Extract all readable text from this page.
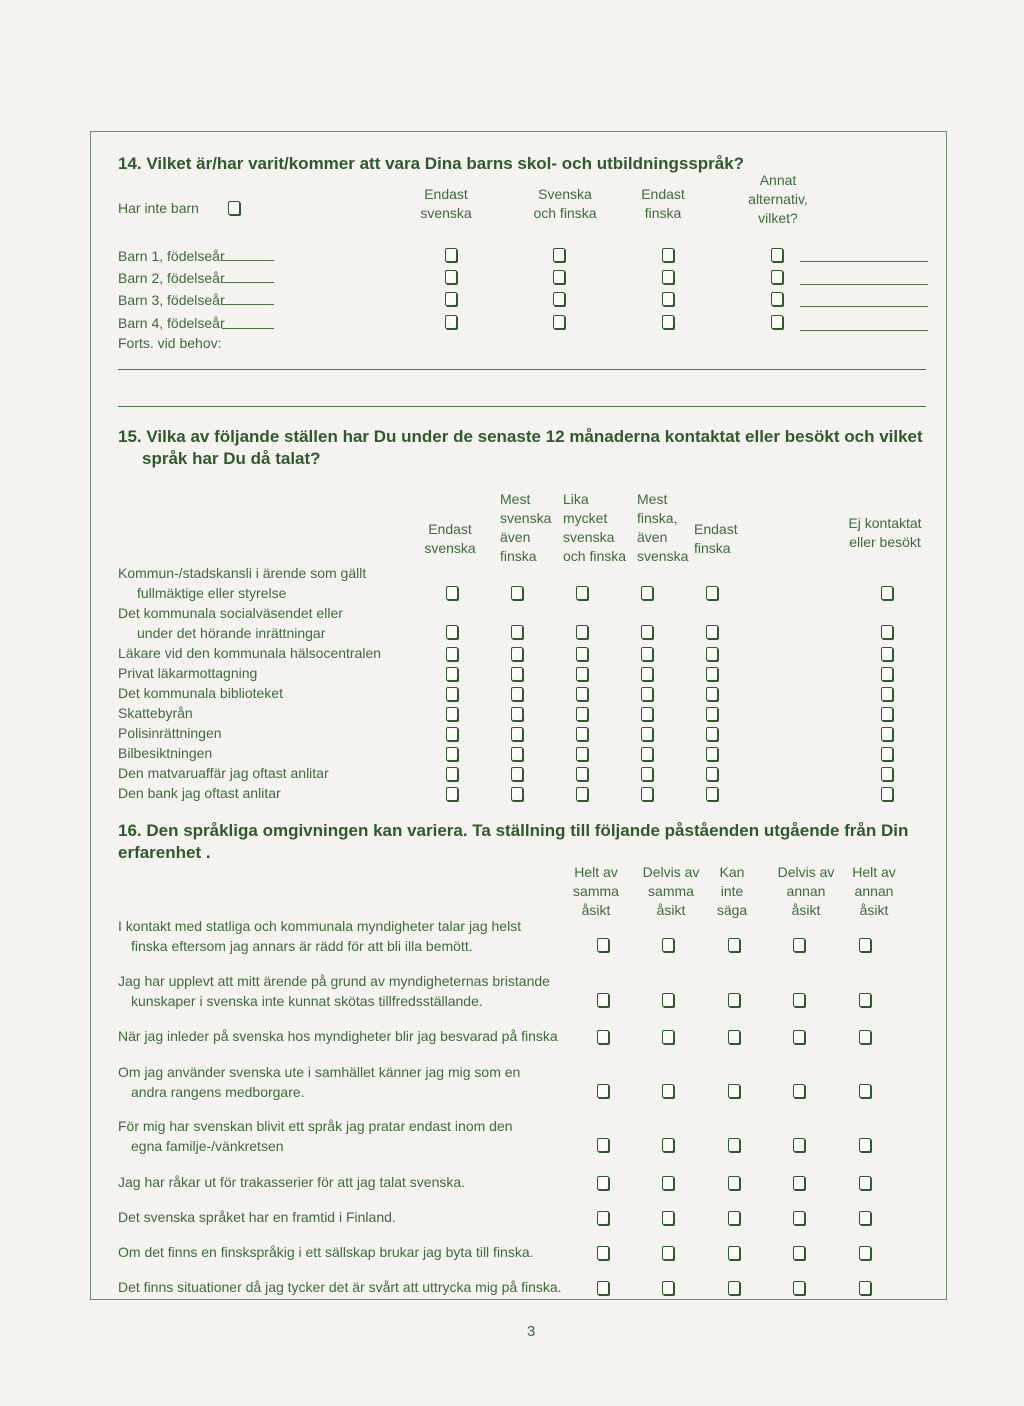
14. Vilket är/har varit/kommer att vara Dina barns skol- och utbildningsspråk?
Har inte barn
Endast
svenska
Svenska
och finska
Endast
finska
Annat
alternativ,
vilket?
Barn 1, födelseår
Barn 2, födelseår
Barn 3, födelseår
Barn 4, födelseår
Forts. vid behov:
15. Vilka av följande ställen har Du under de senaste 12 månaderna kontaktat eller besökt och vilket
språk har Du då talat?
Endast
svenska
Mest
svenska
även
finska
Lika
mycket
svenska
och finska
Mest
finska,
även
svenska
Endast
finska
Ej kontaktat
eller besökt
Kommun-/stadskansli i ärende som gällt
fullmäktige eller styrelse
Det kommunala socialväsendet eller
under det hörande inrättningar
Läkare vid den kommunala hälsocentralen
Privat läkarmottagning
Det kommunala biblioteket
Skattebyrån
Polisinrättningen
Bilbesiktningen
Den matvaruaffär jag oftast anlitar
Den bank jag oftast anlitar
16. Den språkliga omgivningen kan variera. Ta ställning till följande påståenden utgående från Din
erfarenhet .
Helt av
samma
åsikt
Delvis av
samma
åsikt
Kan
inte
säga
Delvis av
annan
åsikt
Helt av
annan
åsikt
I kontakt med statliga och kommunala myndigheter talar jag helst
finska eftersom jag annars är rädd för att bli illa bemött.
Jag har upplevt att mitt ärende på grund av myndigheternas bristande
kunskaper i svenska inte kunnat skötas tillfredsställande.
När jag inleder på svenska hos myndigheter blir jag besvarad på finska
Om jag använder svenska ute i samhället känner jag mig som en
andra rangens medborgare.
För mig har svenskan blivit ett språk jag pratar endast inom den
egna familje-/vänkretsen
Jag har råkar ut för trakasserier för att jag talat svenska.
Det svenska språket har en framtid i Finland.
Om det finns en finskspråkig i ett sällskap brukar jag byta till finska.
Det finns situationer då jag tycker det är svårt att uttrycka mig på finska.
3
